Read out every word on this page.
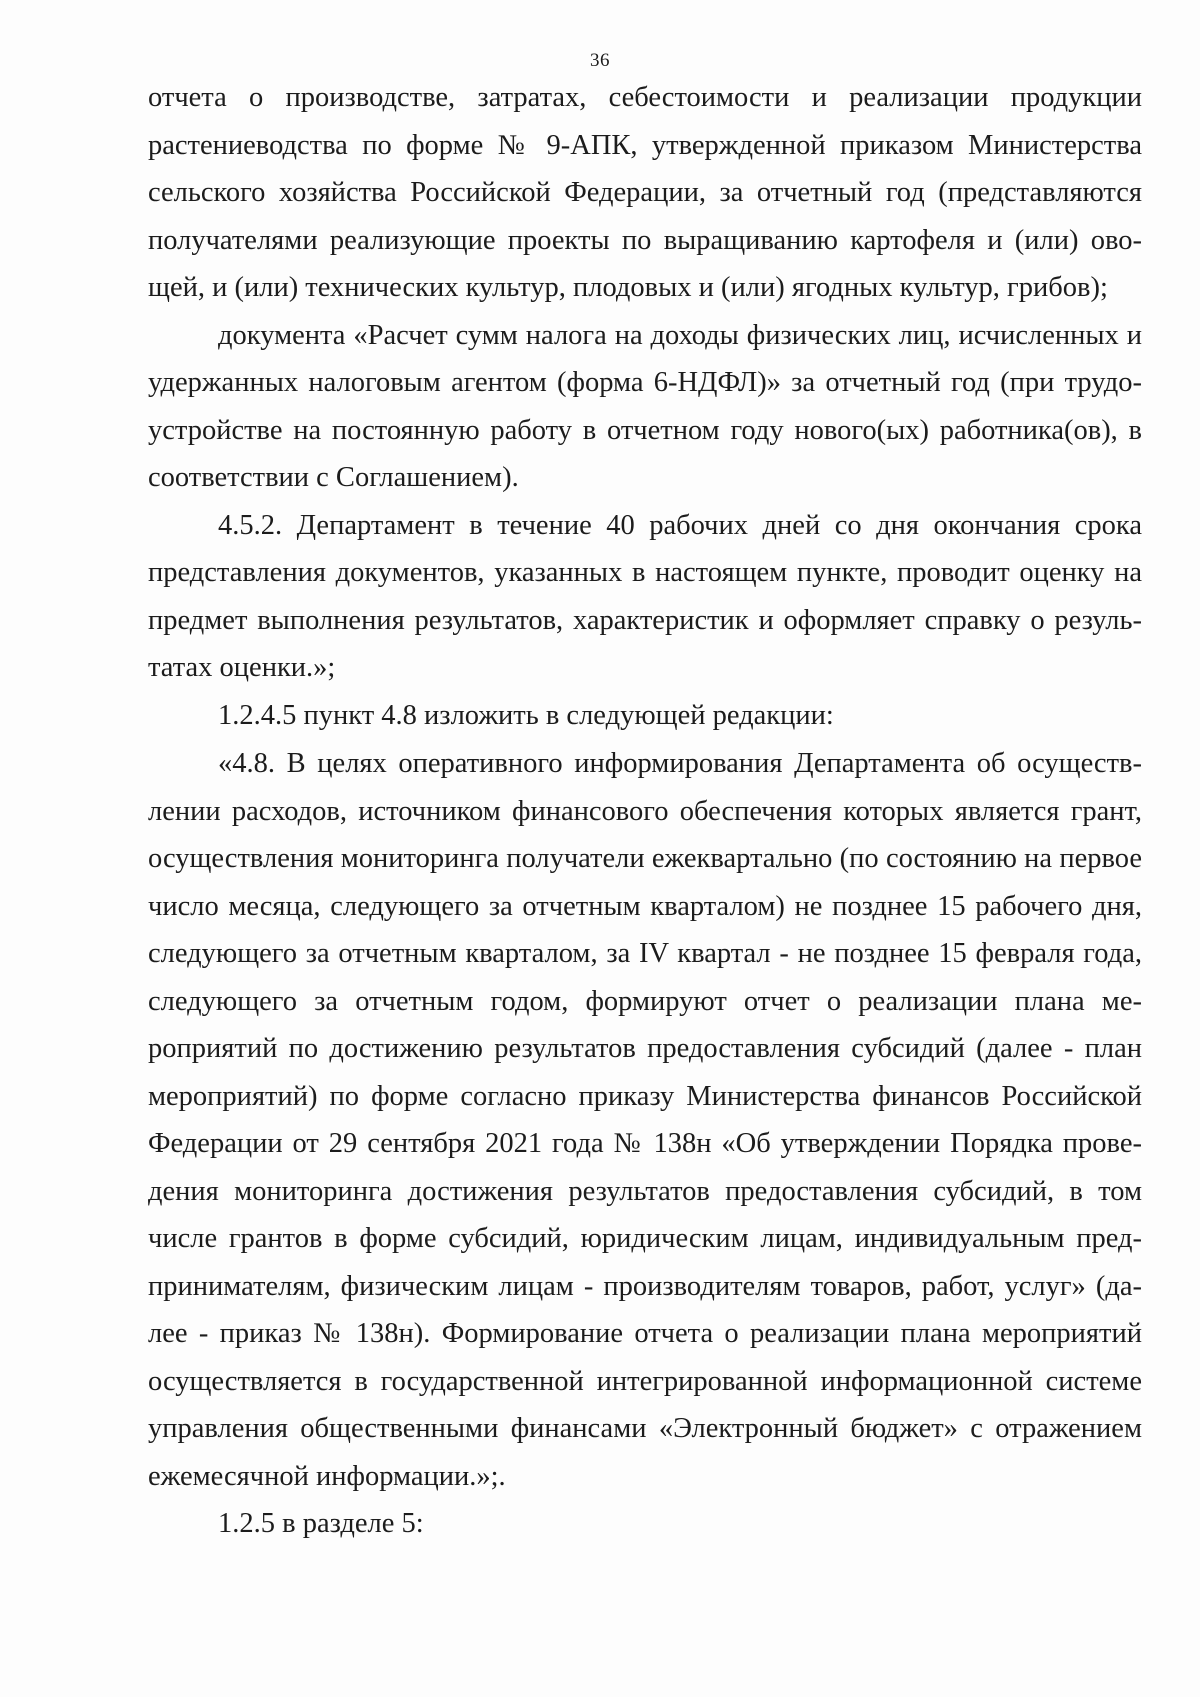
36

отчета о производстве, затратах, себестоимости и реализации продукции растениеводства по форме № 9-АПК, утвержденной приказом Министерства сельского хозяйства Российской Федерации, за отчетный год (представляются получателями реализующие проекты по выращиванию картофеля и (или) овощей, и (или) технических культур, плодовых и (или) ягодных культур, грибов);

документа «Расчет сумм налога на доходы физических лиц, исчисленных и удержанных налоговым агентом (форма 6-НДФЛ)» за отчетный год (при трудоустройстве на постоянную работу в отчетном году нового(ых) работника(ов), в соответствии с Соглашением).

4.5.2. Департамент в течение 40 рабочих дней со дня окончания срока представления документов, указанных в настоящем пункте, проводит оценку на предмет выполнения результатов, характеристик и оформляет справку о результатах оценки.»;

1.2.4.5 пункт 4.8 изложить в следующей редакции:

«4.8. В целях оперативного информирования Департамента об осуществлении расходов, источником финансового обеспечения которых является грант, осуществления мониторинга получатели ежеквартально (по состоянию на первое число месяца, следующего за отчетным кварталом) не позднее 15 рабочего дня, следующего за отчетным кварталом, за IV квартал - не позднее 15 февраля года, следующего за отчетным годом, формируют отчет о реализации плана мероприятий по достижению результатов предоставления субсидий (далее - план мероприятий) по форме согласно приказу Министерства финансов Российской Федерации от 29 сентября 2021 года № 138н «Об утверждении Порядка проведения мониторинга достижения результатов предоставления субсидий, в том числе грантов в форме субсидий, юридическим лицам, индивидуальным предпринимателям, физическим лицам - производителям товаров, работ, услуг» (далее - приказ № 138н). Формирование отчета о реализации плана мероприятий осуществляется в государственной интегрированной информационной системе управления общественными финансами «Электронный бюджет» с отражением ежемесячной информации.»;.

1.2.5 в разделе 5:
